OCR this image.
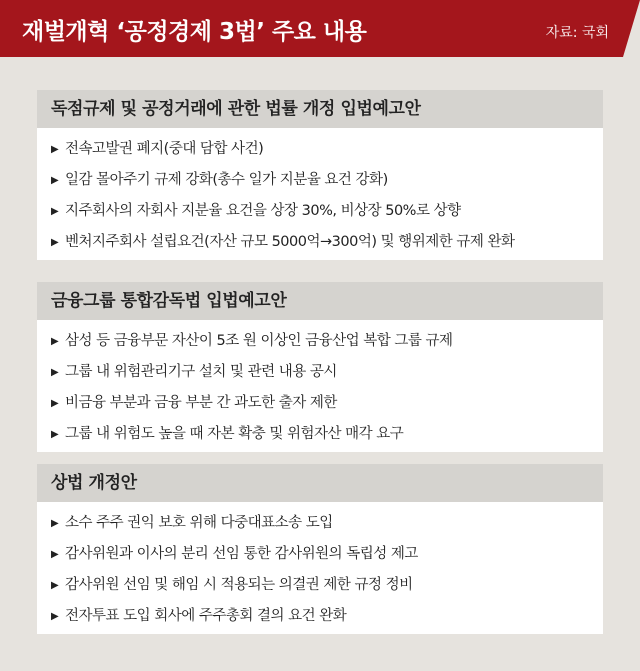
재벌개혁 ‘공정경제 3법’ 주요 내용	자료: 국회
독점규제 및 공정거래에 관한 법률 개정 입법예고안
▶ 전속고발권 폐지(중대 담합 사건)
▶ 일감 몰아주기 규제 강화(총수 일가 지분율 요건 강화)
▶ 지주회사의 자회사 지분율 요건을 상장 30%, 비상장 50%로 상향
▶ 벤처지주회사 설립요건(자산 규모 5000억→300억) 및 행위제한 규제 완화
금융그룹 통합감독법 입법예고안
▶ 삼성 등 금융부문 자산이 5조 원 이상인 금융산업 복합 그룹 규제
▶ 그룹 내 위험관리기구 설치 및 관련 내용 공시
▶ 비금융 부분과 금융 부분 간 과도한 출자 제한
▶ 그룹 내 위험도 높을 때 자본 확충 및 위험자산 매각 요구
상법 개정안
▶ 소수 주주 권익 보호 위해 다중대표소송 도입
▶ 감사위원과 이사의 분리 선임 통한 감사위원의 독립성 제고
▶ 감사위원 선임 및 해임 시 적용되는 의결권 제한 규정 정비
▶ 전자투표 도입 회사에 주주총회 결의 요건 완화
